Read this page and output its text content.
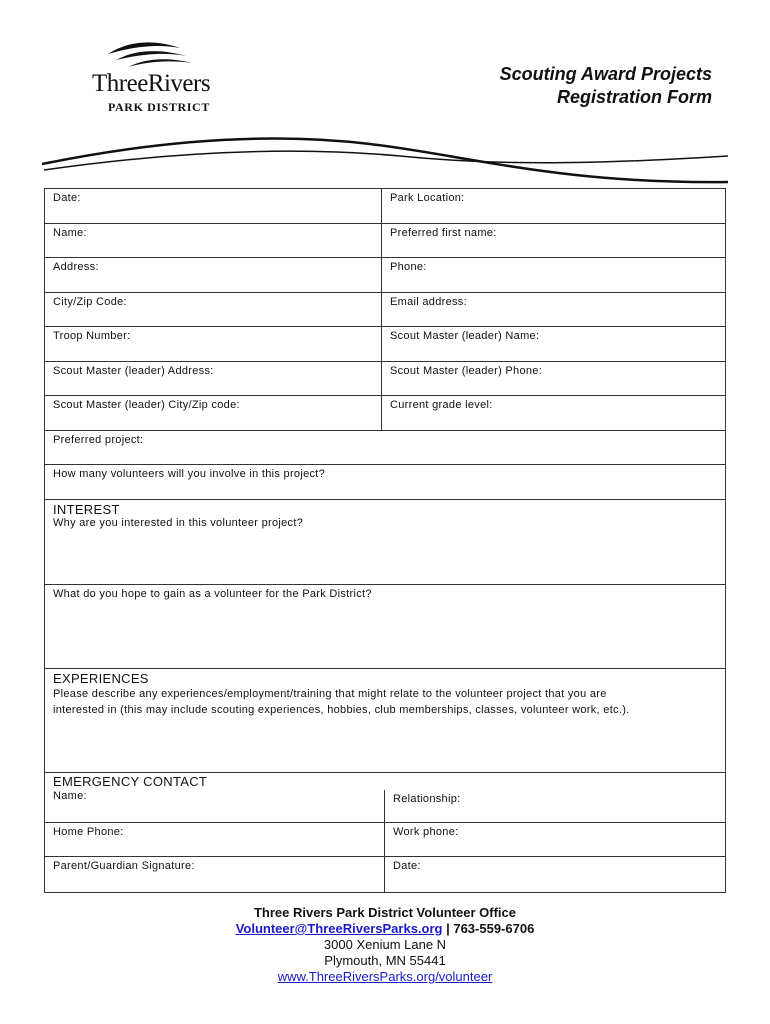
ThreeRivers
PARK DISTRICT
Scouting Award Projects
Registration Form
Date:	Park Location:
Name:	Preferred first name:
Address:	Phone:
City/Zip Code:	Email address:
Troop Number:	Scout Master (leader) Name:
Scout Master (leader) Address:	Scout Master (leader) Phone:
Scout Master (leader) City/Zip code:	Current grade level:
Preferred project:
How many volunteers will you involve in this project?
INTEREST
Why are you interested in this volunteer project?
What do you hope to gain as a volunteer for the Park District?
EXPERIENCES
Please describe any experiences/employment/training that might relate to the volunteer project that you are
interested in (this may include scouting experiences, hobbies, club memberships, classes, volunteer work, etc.).
EMERGENCY CONTACT
Name:	Relationship:
Home Phone:	Work phone:
Parent/Guardian Signature:	Date:
Three Rivers Park District Volunteer Office
Volunteer@ThreeRiversParks.org | 763-559-6706
3000 Xenium Lane N
Plymouth, MN 55441
www.ThreeRiversParks.org/volunteer
